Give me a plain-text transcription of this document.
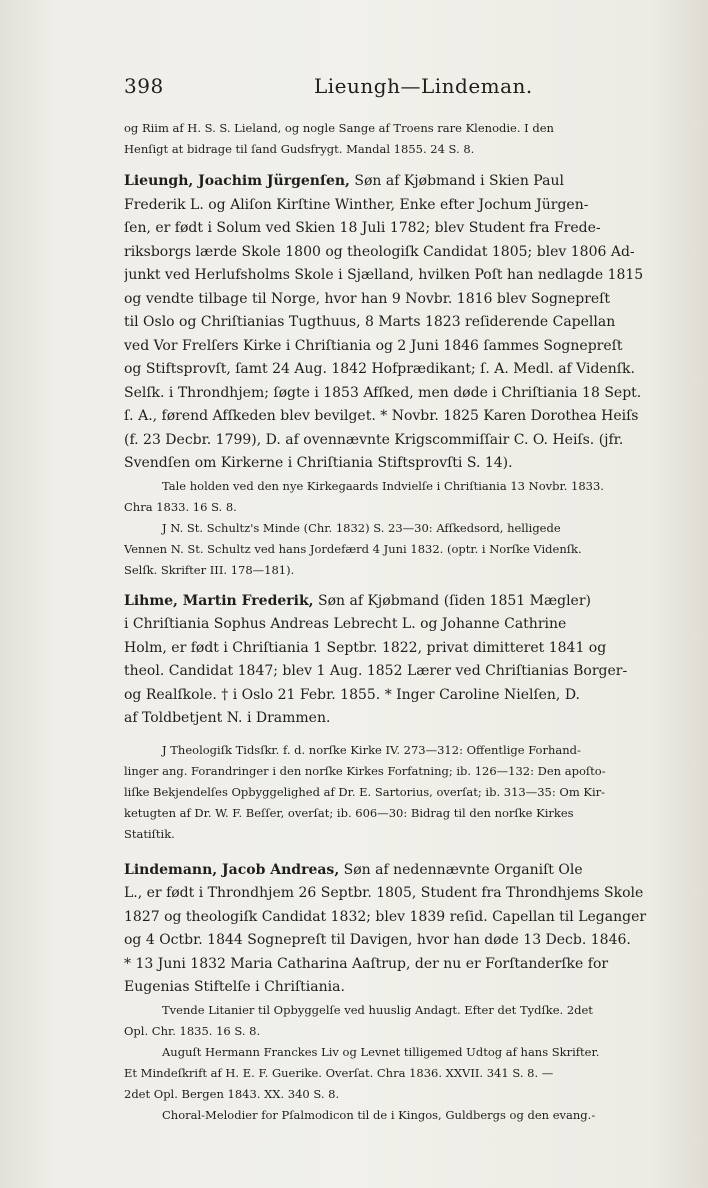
398	Lieungh—Lindeman.
og Riim af H. S. S. Lieland, og nogle Sange af Troens rare Klenodie. I den
Henſigt at bidrage til ſand Gudsfrygt. Mandal 1855. 24 S. 8.
Lieungh, Joachim Jürgenſen, Søn af Kjøbmand i Skien Paul
Frederik L. og Aliſon Kirſtine Winther, Enke efter Jochum Jürgen-
ſen, er født i Solum ved Skien 18 Juli 1782; blev Student fra Frede-
riksborgs lærde Skole 1800 og theologiſk Candidat 1805; blev 1806 Ad-
junkt ved Herlufsholms Skole i Sjælland, hvilken Poſt han nedlagde 1815
og vendte tilbage til Norge, hvor han 9 Novbr. 1816 blev Sognepreſt
til Oslo og Chriſtianias Tugthuus, 8 Marts 1823 reſiderende Capellan
ved Vor Frelſers Kirke i Chriſtiania og 2 Juni 1846 ſammes Sognepreſt
og Stiftsprovſt, ſamt 24 Aug. 1842 Hofprædikant; ſ. A. Medl. af Videnſk.
Selſk. i Throndhjem; ſøgte i 1853 Afſked, men døde i Chriſtiania 18 Sept.
ſ. A., førend Afſkeden blev bevilget. * Novbr. 1825 Karen Dorothea Heiſs
(f. 23 Decbr. 1799), D. af ovennævnte Krigscommiſſair C. O. Heiſs. (jfr.
Svendſen om Kirkerne i Chriſtiania Stiftsprovſti S. 14).
Tale holden ved den nye Kirkegaards Indvielſe i Chriſtiania 13 Novbr. 1833.
Chra 1833. 16 S. 8.
J N. St. Schultz's Minde (Chr. 1832) S. 23—30: Afſkedsord, helligede
Vennen N. St. Schultz ved hans Jordefærd 4 Juni 1832. (optr. i Norſke Videnſk.
Selſk. Skrifter III. 178—181).
Lihme, Martin Frederik, Søn af Kjøbmand (ſiden 1851 Mægler)
i Chriſtiania Sophus Andreas Lebrecht L. og Johanne Cathrine
Holm, er født i Chriſtiania 1 Septbr. 1822, privat dimitteret 1841 og
theol. Candidat 1847; blev 1 Aug. 1852 Lærer ved Chriſtianias Borger-
og Realſkole. † i Oslo 21 Febr. 1855. * Inger Caroline Nielſen, D.
af Toldbetjent N. i Drammen.
J Theologiſk Tidsſkr. f. d. norſke Kirke IV. 273—312: Offentlige Forhand-
linger ang. Forandringer i den norſke Kirkes Forfatning; ib. 126—132: Den apoſto-
liſke Bekjendelſes Opbyggelighed af Dr. E. Sartorius, overſat; ib. 313—35: Om Kir-
ketugten af Dr. W. F. Beſſer, overſat; ib. 606—30: Bidrag til den norſke Kirkes
Statiſtik.
Lindemann, Jacob Andreas, Søn af nedennævnte Organiſt Ole
L., er født i Throndhjem 26 Septbr. 1805, Student fra Throndhjems Skole
1827 og theologiſk Candidat 1832; blev 1839 reſid. Capellan til Leganger
og 4 Octbr. 1844 Sognepreſt til Davigen, hvor han døde 13 Decb. 1846.
* 13 Juni 1832 Maria Catharina Aaſtrup, der nu er Forſtanderſke for
Eugenias Stiftelſe i Chriſtiania.
Tvende Litanier til Opbyggelſe ved huuslig Andagt. Efter det Tydſke. 2det
Opl. Chr. 1835. 16 S. 8.
Auguſt Hermann Franckes Liv og Levnet tilligemed Udtog af hans Skrifter.
Et Mindeſkrift af H. E. F. Guerike. Overſat. Chra 1836. XXVII. 341 S. 8. —
2det Opl. Bergen 1843. XX. 340 S. 8.
Choral-Melodier for Pſalmodicon til de i Kingos, Guldbergs og den evang.-
